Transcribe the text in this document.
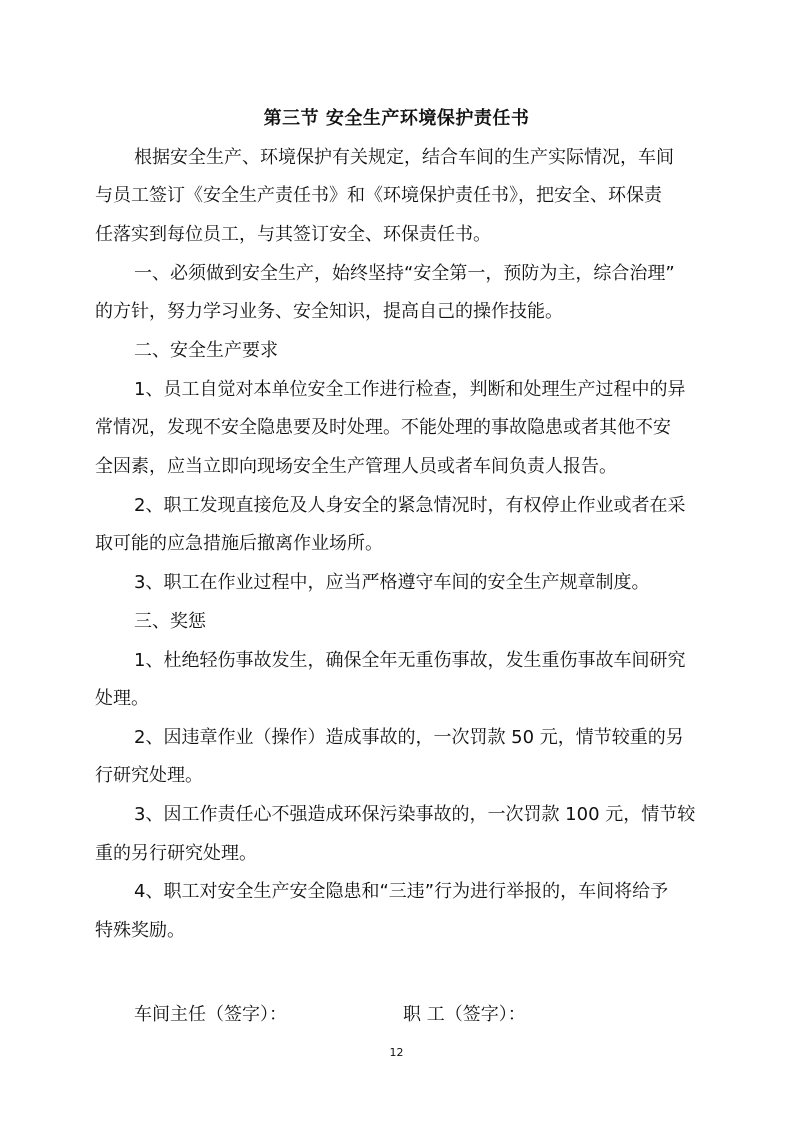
第三节 安全生产环境保护责任书
根据安全生产、环境保护有关规定，结合车间的生产实际情况，车间
与员工签订《安全生产责任书》和《环境保护责任书》，把安全、环保责
任落实到每位员工，与其签订安全、环保责任书。
一、必须做到安全生产，始终坚持“安全第一，预防为主，综合治理”
的方针，努力学习业务、安全知识，提高自己的操作技能。
二、安全生产要求
1、员工自觉对本单位安全工作进行检查，判断和处理生产过程中的异
常情况，发现不安全隐患要及时处理。不能处理的事故隐患或者其他不安
全因素，应当立即向现场安全生产管理人员或者车间负责人报告。
2、职工发现直接危及人身安全的紧急情况时，有权停止作业或者在采
取可能的应急措施后撤离作业场所。
3、职工在作业过程中，应当严格遵守车间的安全生产规章制度。
三、奖惩
1、杜绝轻伤事故发生，确保全年无重伤事故，发生重伤事故车间研究
处理。
2、因违章作业（操作）造成事故的，一次罚款 50 元，情节较重的另
行研究处理。
3、因工作责任心不强造成环保污染事故的，一次罚款 100 元，情节较
重的另行研究处理。
4、职工对安全生产安全隐患和“三违”行为进行举报的，车间将给予
特殊奖励。
车间主任（签字）：	职 工（签字）：
12
